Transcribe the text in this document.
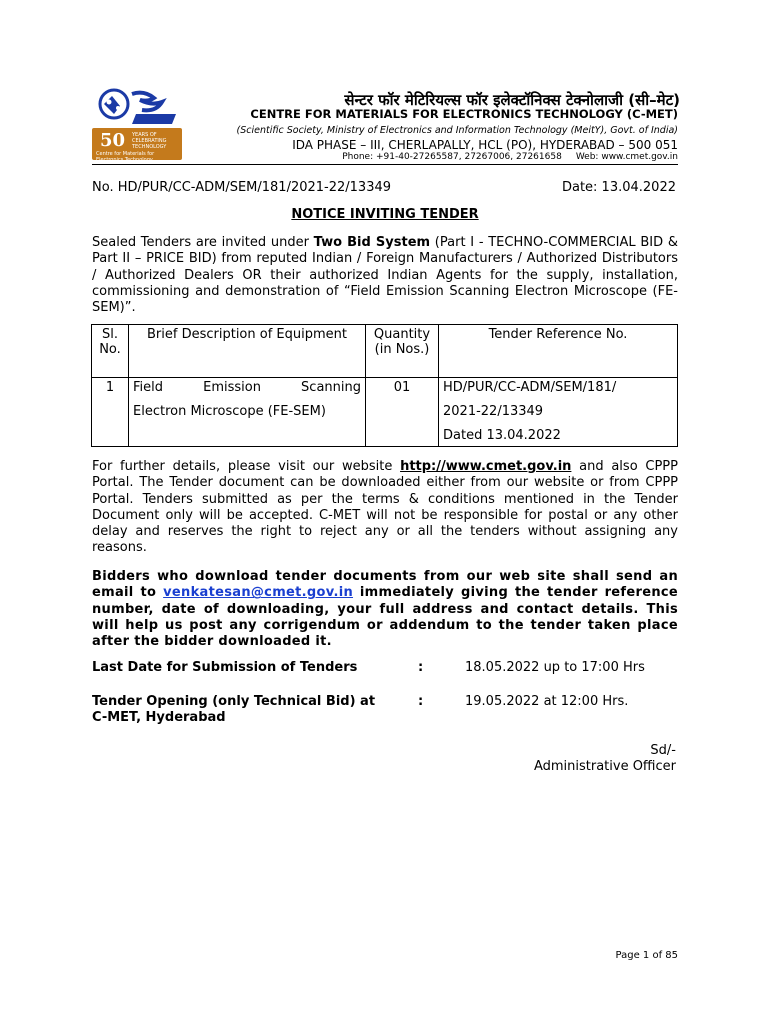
50 YEARS OF CELEBRATING TECHNOLOGY
Centre for Materials for Electronics Technology
सेन्टर फॉर मेटिरियल्स फॉर इलेक्टॉनिक्स टेक्नोलाजी (सी–मेट)
CENTRE FOR MATERIALS FOR ELECTRONICS TECHNOLOGY (C-MET)
(Scientific Society, Ministry of Electronics and Information Technology (MeitY), Govt. of India)
IDA PHASE – III, CHERLAPALLY, HCL (PO), HYDERABAD – 500 051
Phone: +91-40-27265587, 27267006, 27261658 Web: www.cmet.gov.in
No. HD/PUR/CC-ADM/SEM/181/2021-22/13349	Date: 13.04.2022
NOTICE INVITING TENDER
Sealed Tenders are invited under Two Bid System (Part I - TECHNO-COMMERCIAL BID & Part II – PRICE BID) from reputed Indian / Foreign Manufacturers / Authorized Distributors / Authorized Dealers OR their authorized Indian Agents for the supply, installation, commissioning and demonstration of “Field Emission Scanning Electron Microscope (FE-SEM)”.
Sl. No.	Brief Description of Equipment	Quantity (in Nos.)	Tender Reference No.
1	Field Emission Scanning
Electron Microscope (FE-SEM)	01	HD/PUR/CC-ADM/SEM/181/
2021-22/13349
Dated 13.04.2022
For further details, please visit our website http://www.cmet.gov.in and also CPPP Portal. The Tender document can be downloaded either from our website or from CPPP Portal. Tenders submitted as per the terms & conditions mentioned in the Tender Document only will be accepted. C-MET will not be responsible for postal or any other delay and reserves the right to reject any or all the tenders without assigning any reasons.
Bidders who download tender documents from our web site shall send an email to venkatesan@cmet.gov.in immediately giving the tender reference number, date of downloading, your full address and contact details. This will help us post any corrigendum or addendum to the tender taken place after the bidder downloaded it.
Last Date for Submission of Tenders	:	18.05.2022 up to 17:00 Hrs
Tender Opening (only Technical Bid) at C-MET, Hyderabad
:	19.05.2022 at 12:00 Hrs.
Sd/-
Administrative Officer
Page 1 of 85
